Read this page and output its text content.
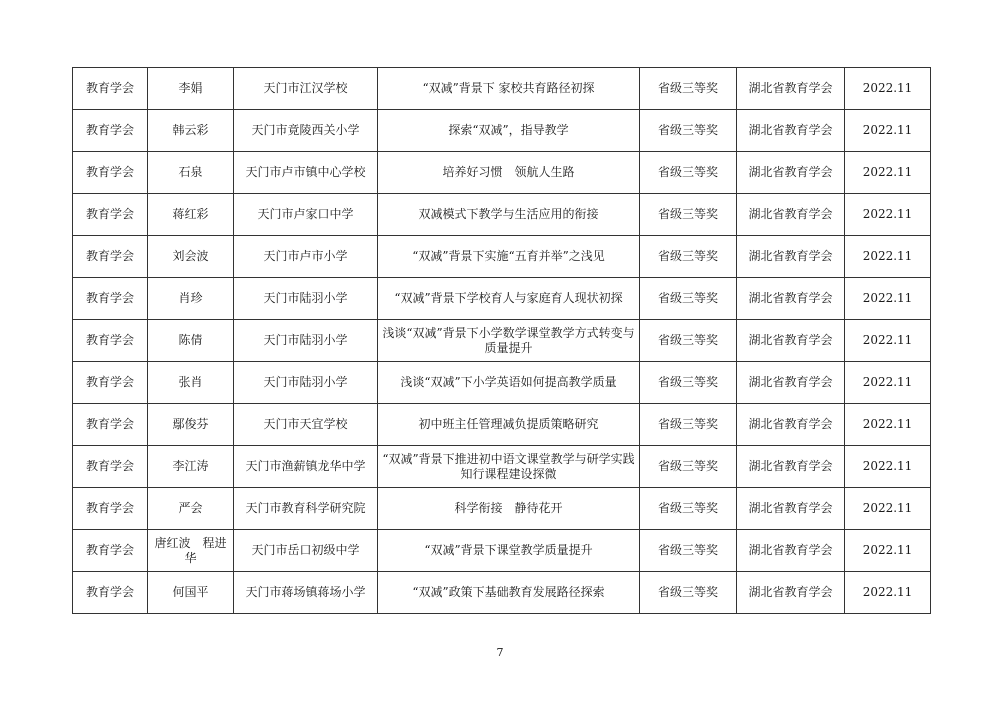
教育学会	李娟	天门市江汉学校	“双减”背景下 家校共育路径初探	省级三等奖	湖北省教育学会	2022.11
教育学会	韩云彩	天门市竟陵西关小学	探索“双减”，指导教学	省级三等奖	湖北省教育学会	2022.11
教育学会	石泉	天门市卢市镇中心学校	培养好习惯　领航人生路	省级三等奖	湖北省教育学会	2022.11
教育学会	蒋红彩	天门市卢家口中学	双减模式下教学与生活应用的衔接	省级三等奖	湖北省教育学会	2022.11
教育学会	刘会波	天门市卢市小学	“双减”背景下实施“五育并举”之浅见	省级三等奖	湖北省教育学会	2022.11
教育学会	肖珍	天门市陆羽小学	“双减”背景下学校育人与家庭育人现状初探	省级三等奖	湖北省教育学会	2022.11
教育学会	陈倩	天门市陆羽小学	浅谈“双减”背景下小学数学课堂教学方式转变与质量提升	省级三等奖	湖北省教育学会	2022.11
教育学会	张肖	天门市陆羽小学	浅谈“双减”下小学英语如何提高教学质量	省级三等奖	湖北省教育学会	2022.11
教育学会	鄢俊芬	天门市天宜学校	初中班主任管理减负提质策略研究	省级三等奖	湖北省教育学会	2022.11
教育学会	李江涛	天门市渔薪镇龙华中学	“双减”背景下推进初中语文课堂教学与研学实践知行课程建设探微	省级三等奖	湖北省教育学会	2022.11
教育学会	严会	天门市教育科学研究院	科学衔接　静待花开	省级三等奖	湖北省教育学会	2022.11
教育学会	唐红波　程进华	天门市岳口初级中学	“双减”背景下课堂教学质量提升	省级三等奖	湖北省教育学会	2022.11
教育学会	何国平	天门市蒋场镇蒋场小学	“双减”政策下基础教育发展路径探索	省级三等奖	湖北省教育学会	2022.11
7
